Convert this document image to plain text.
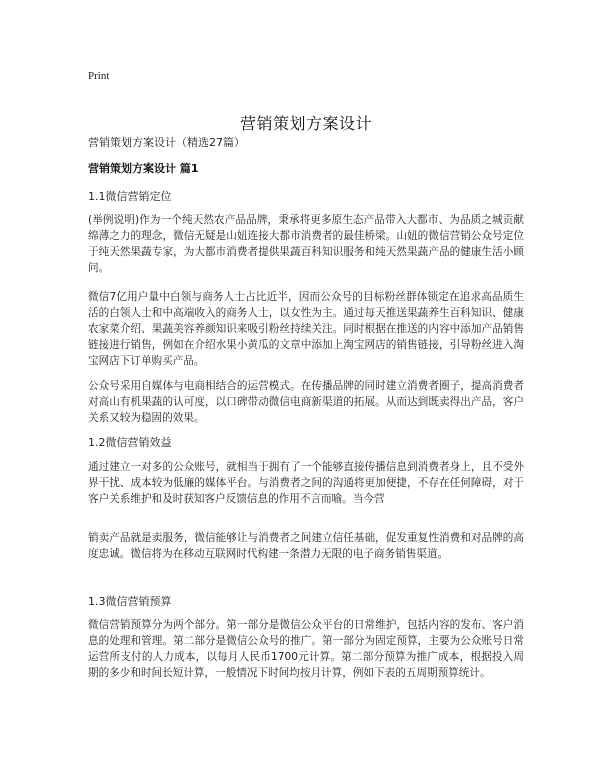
Print
营销策划方案设计
营销策划方案设计（精选27篇）
营销策划方案设计 篇1
1.1微信营销定位

(举例说明)作为一个纯天然农产品品牌，秉承将更多原生态产品带入大都市、为品质之城贡献绵薄之力的理念，微信无疑是山妞连接大都市消费者的最佳桥梁。山妞的微信营销公众号定位于纯天然果蔬专家，为大都市消费者提供果蔬百科知识服务和纯天然果蔬产品的健康生活小顾问。

微信7亿用户量中白领与商务人士占比近半，因而公众号的目标粉丝群体锁定在追求高品质生活的白领人士和中高端收入的商务人士，以女性为主。通过每天推送果蔬养生百科知识、健康农家菜介绍、果蔬美容养颜知识来吸引粉丝持续关注。同时根据在推送的内容中添加产品销售链接进行销售，例如在介绍水果小黄瓜的文章中添加上淘宝网店的销售链接，引导粉丝进入淘宝网店下订单购买产品。

公众号采用自媒体与电商相结合的运营模式。在传播品牌的同时建立消费者圈子，提高消费者对高山有机果蔬的认可度，以口碑带动微信电商新渠道的拓展。从而达到既卖得出产品，客户关系又较为稳固的效果。

1.2微信营销效益

通过建立一对多的公众账号，就相当于拥有了一个能够直接传播信息到消费者身上，且不受外界干扰、成本较为低廉的媒体平台。与消费者之间的沟通将更加便捷，不存在任何障碍，对于客户关系维护和及时获知客户反馈信息的作用不言而喻。当今营

销卖产品就是卖服务，微信能够让与消费者之间建立信任基础，促发重复性消费和对品牌的高度忠诚。微信将为在移动互联网时代构建一条潜力无限的电子商务销售渠道。

1.3微信营销预算

微信营销预算分为两个部分。第一部分是微信公众平台的日常维护，包括内容的发布、客户消息的处理和管理。第二部分是微信公众号的推广。第一部分为固定预算，主要为公众账号日常运营所支付的人力成本，以每月人民币1700元计算。第二部分预算为推广成本，根据投入周期的多少和时间长短计算，一般情况下时间均按月计算，例如下表的五周期预算统计。
